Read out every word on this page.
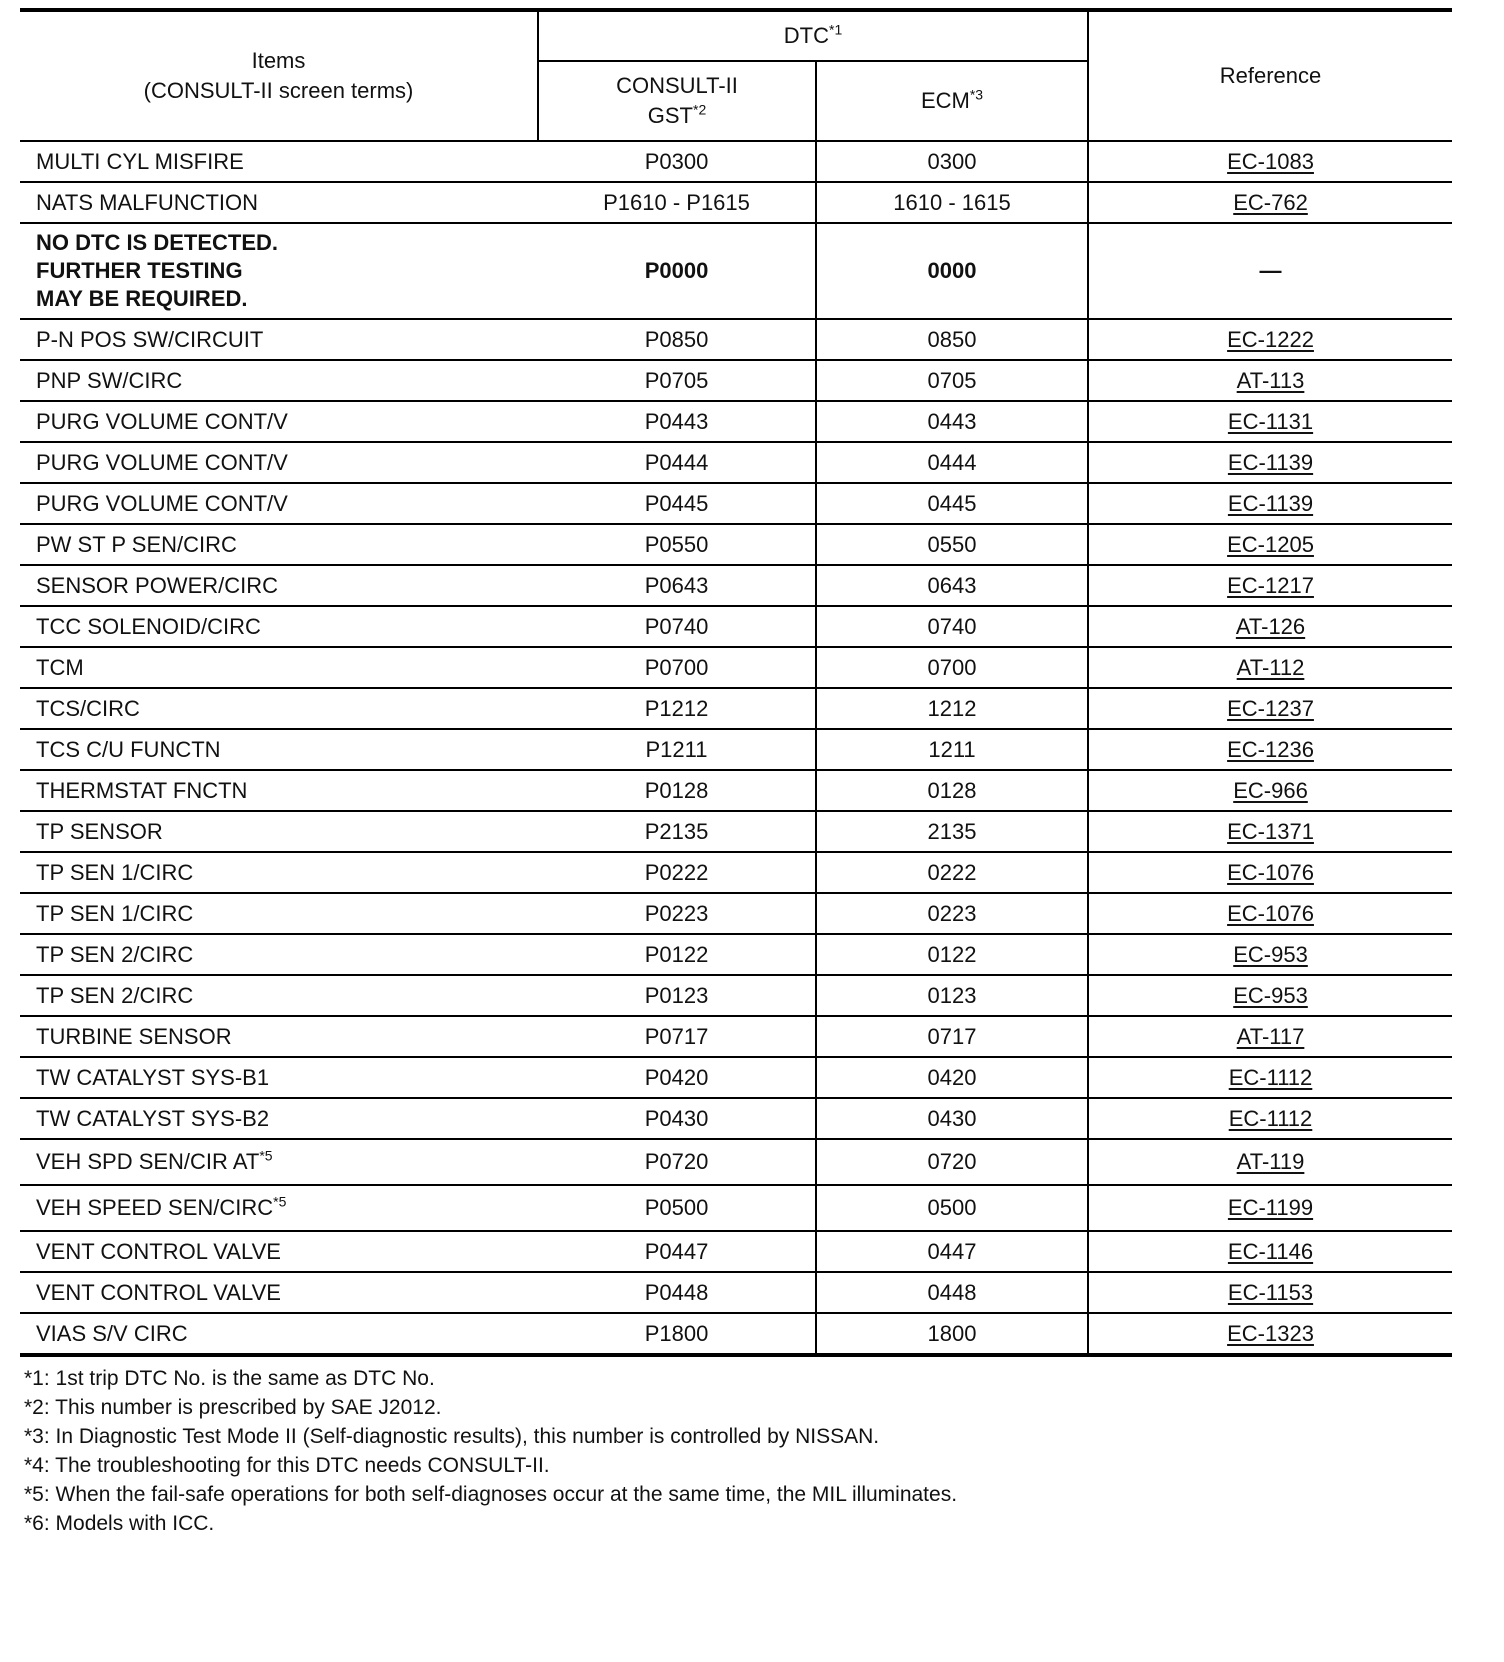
Items
(CONSULT-II screen terms)	DTC$^{*1}$		Reference

	CONSULT-II
GST$^{*2}$	ECM$^{*3}$
MULTI CYL MISFIRE	P0300	0300	EC-1083
NATS MALFUNCTION	P1610 - P1615	1610 - 1615	EC-762

NO DTC IS DETECTED.
FURTHER TESTING
MAY BE REQUIRED.	P0000	0000	—
P-N POS SW/CIRCUIT	P0850	0850	EC-1222
PNP SW/CIRC	P0705	0705	AT-113
PURG VOLUME CONT/V	P0443	0443	EC-1131
PURG VOLUME CONT/V	P0444	0444	EC-1139
PURG VOLUME CONT/V	P0445	0445	EC-1139
PW ST P SEN/CIRC	P0550	0550	EC-1205
SENSOR POWER/CIRC	P0643	0643	EC-1217
TCC SOLENOID/CIRC	P0740	0740	AT-126
TCM	P0700	0700	AT-112
TCS/CIRC	P1212	1212	EC-1237
TCS C/U FUNCTN	P1211	1211	EC-1236
THERMSTAT FNCTN	P0128	0128	EC-966
TP SENSOR	P2135	2135	EC-1371
TP SEN 1/CIRC	P0222	0222	EC-1076
TP SEN 1/CIRC	P0223	0223	EC-1076
TP SEN 2/CIRC	P0122	0122	EC-953
TP SEN 2/CIRC	P0123	0123	EC-953
TURBINE SENSOR	P0717	0717	AT-117
TW CATALYST SYS-B1	P0420	0420	EC-1112
TW CATALYST SYS-B2	P0430	0430	EC-1112
VEH SPD SEN/CIR AT$^{*5}$	P0720	0720	AT-119
VEH SPEED SEN/CIRC$^{*5}$	P0500	0500	EC-1199
VENT CONTROL VALVE	P0447	0447	EC-1146
VENT CONTROL VALVE	P0448	0448	EC-1153
VIAS S/V CIRC	P1800	1800	EC-1323
*1: 1st trip DTC No. is the same as DTC No.
*2: This number is prescribed by SAE J2012.
*3: In Diagnostic Test Mode II (Self-diagnostic results), this number is controlled by NISSAN.
*4: The troubleshooting for this DTC needs CONSULT-II.
*5: When the fail-safe operations for both self-diagnoses occur at the same time, the MIL illuminates.
*6: Models with ICC.
